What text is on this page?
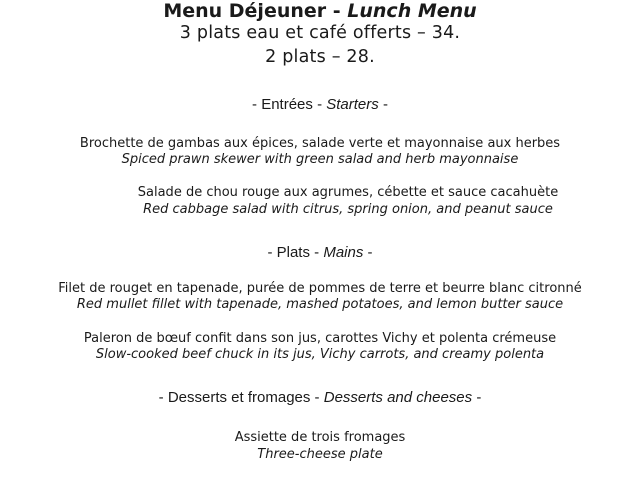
Menu Déjeuner - Lunch Menu
3 plats eau et café offerts – 34.
2 plats – 28.
- Entrées - Starters -
Brochette de gambas aux épices, salade verte et mayonnaise aux herbes
Spiced prawn skewer with green salad and herb mayonnaise
Salade de chou rouge aux agrumes, cébette et sauce cacahuète
Red cabbage salad with citrus, spring onion, and peanut sauce
- Plats - Mains -
Filet de rouget en tapenade, purée de pommes de terre et beurre blanc citronné
Red mullet fillet with tapenade, mashed potatoes, and lemon butter sauce
Paleron de bœuf confit dans son jus, carottes Vichy et polenta crémeuse
Slow-cooked beef chuck in its jus, Vichy carrots, and creamy polenta
- Desserts et fromages - Desserts and cheeses -
Assiette de trois fromages
Three-cheese plate
